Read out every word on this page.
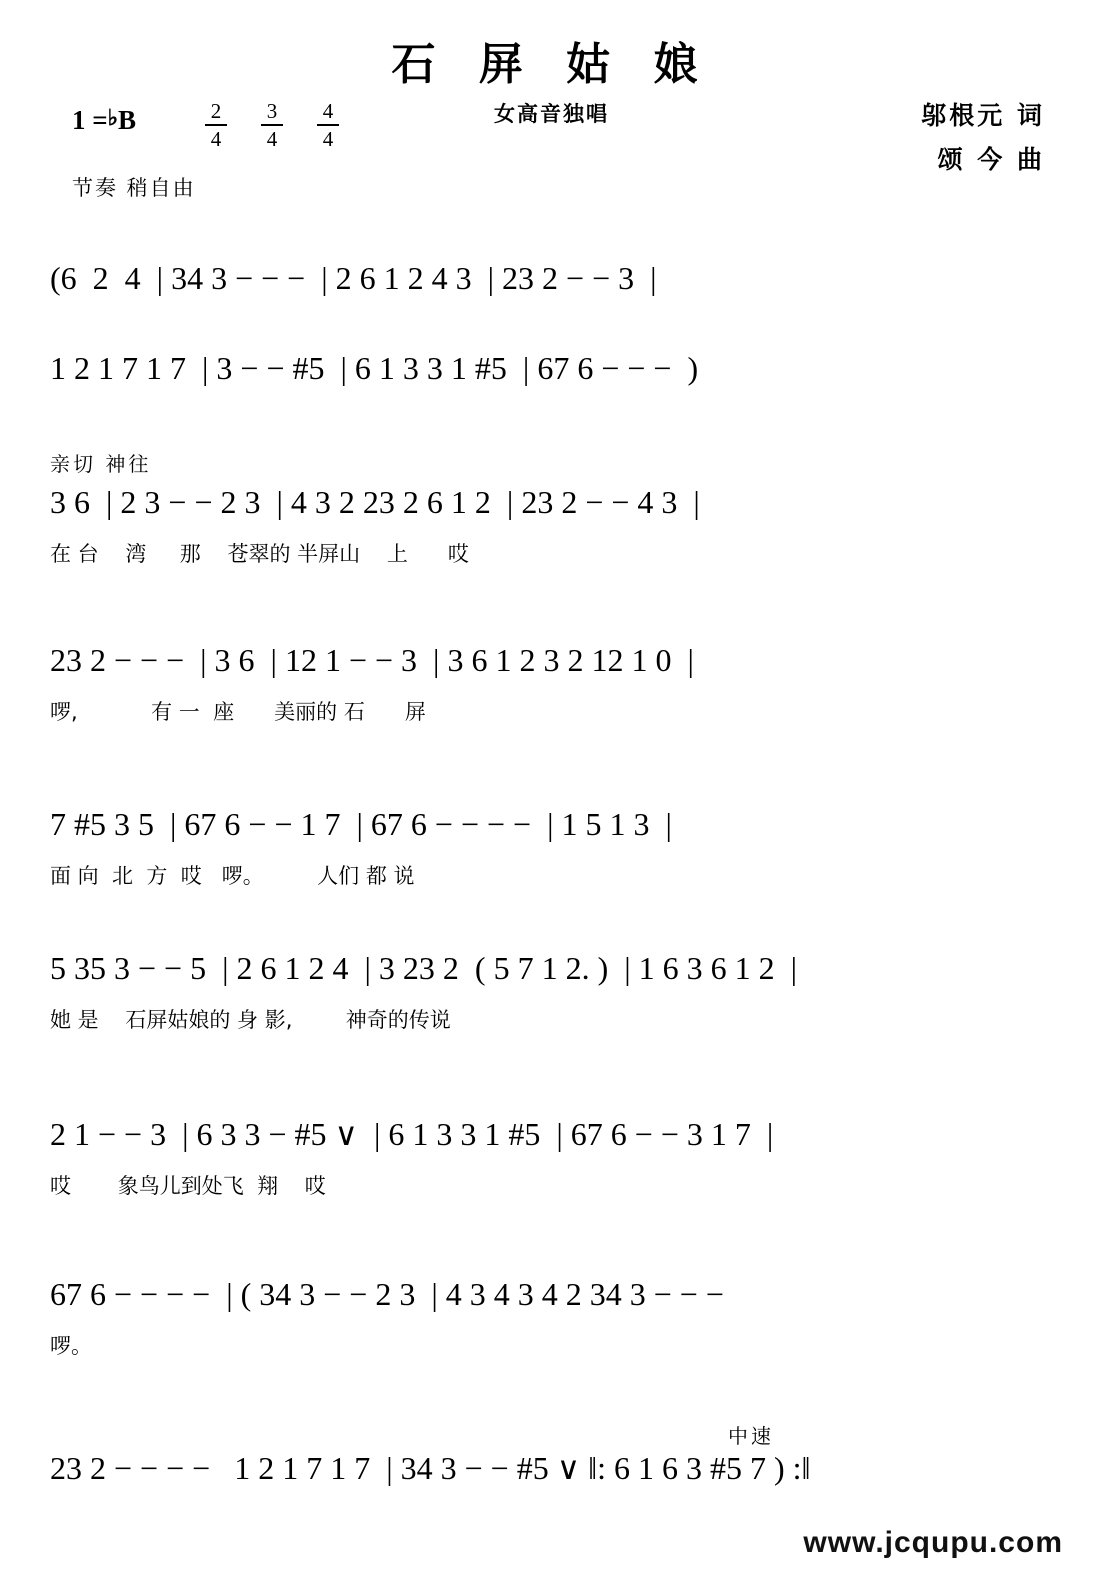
石 屏 姑 娘
女高音独唱	邬根元 词
颂 今 曲
1 =♭B	$\frac{2}{4} \frac{3}{4} \frac{4}{4}$
节奏 稍自由
(6  2  4  | 34 3 − − −  | 2 6 1 2 4 3  | 23 2 − − 3  |
1 2 1 7 1 7  | 3 − − #5  | 6 1 3 3 1 #5  | 67 6 − − −  )
亲切 神往
3 6  | 2 3 − − 2 3  | 4 3 2 23 2 6 1 2  | 23 2 − − 4 3  |
在 台    湾     那    苍翠的 半屏山    上      哎
23 2 − − −  | 3 6  | 12 1 − − 3  | 3 6 1 2 3 2 12 1 0  |
啰,           有 一  座      美丽的 石      屏
7 #5 3 5  | 67 6 − − 1 7  | 67 6 − − − −  | 1 5 1 3  |
面 向  北  方  哎   啰。        人们 都 说
5 35 3 − − 5  | 2 6 1 2 4  | 3 23 2  ( 5 7 1 2. )  | 1 6 3 6 1 2  |
她 是    石屏姑娘的 身 影,        神奇的传说
2 1 − − 3  | 6 3 3 − #5 ∨  | 6 1 3 3 1 #5  | 67 6 − − 3 1 7  |
哎       象鸟儿到处飞  翔    哎
67 6 − − − −  | ( 34 3 − − 2 3  | 4 3 4 3 4 2 34 3 − − −
啰。
中速
23 2 − − − −   1 2 1 7 1 7  | 34 3 − − #5 ∨ ‖: 6 1 6 3 #5 7 ) :‖
www.jcqupu.com
